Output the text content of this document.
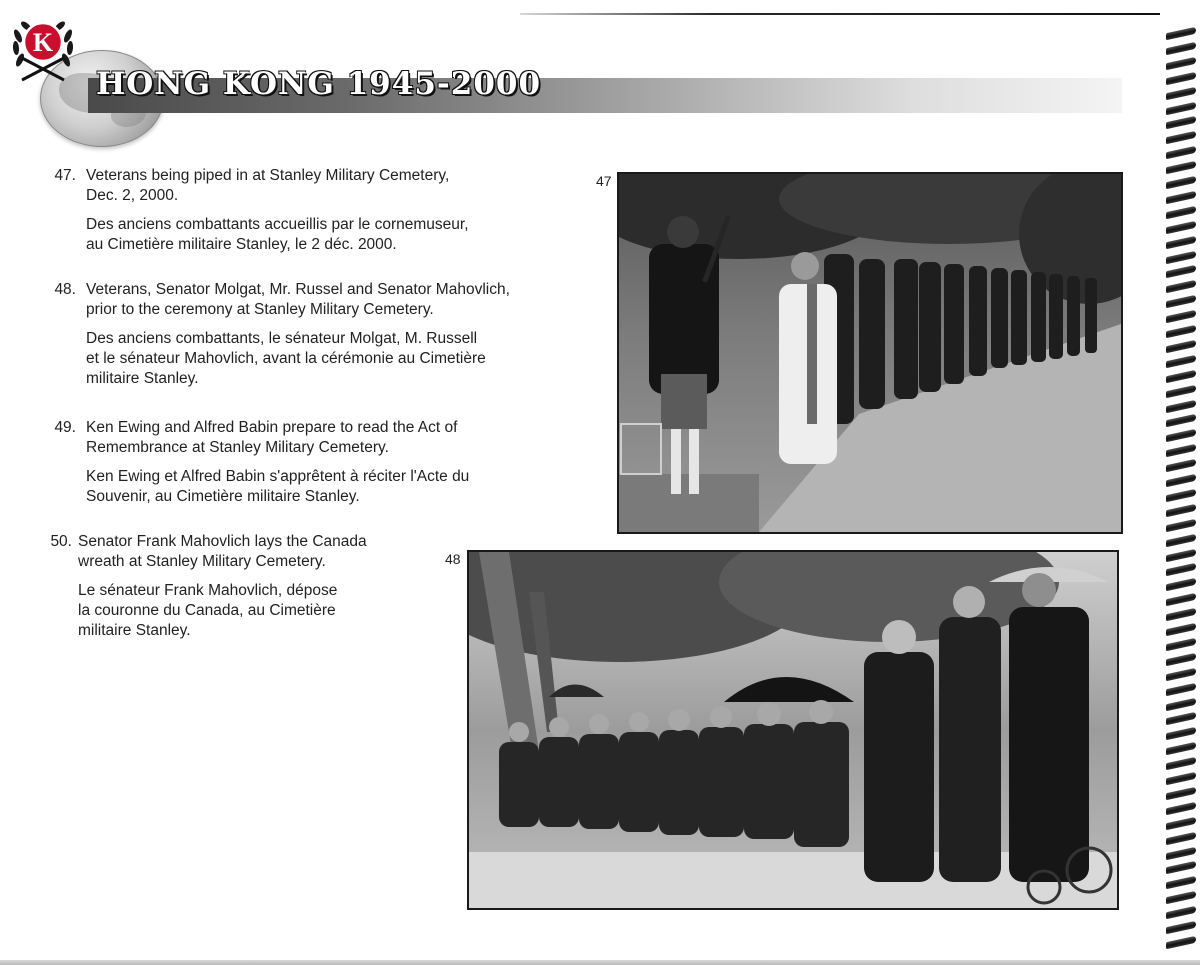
HONG KONG 1945-2000
K
47. Veterans being piped in at Stanley Military Cemetery,
Dec. 2, 2000.

Des anciens combattants accueillis par le cornemuseur,
au Cimetière militaire Stanley, le 2 déc. 2000.

48. Veterans, Senator Molgat, Mr. Russel and Senator Mahovlich,
prior to the ceremony at Stanley Military Cemetery.

Des anciens combattants, le sénateur Molgat, M. Russell
et le sénateur Mahovlich, avant la cérémonie au Cimetière
militaire Stanley.

49. Ken Ewing and Alfred Babin prepare to read the Act of
Remembrance at Stanley Military Cemetery.

Ken Ewing et Alfred Babin s'apprêtent à réciter l'Acte du
Souvenir, au Cimetière militaire Stanley.

50. Senator Frank Mahovlich lays the Canada
wreath at Stanley Military Cemetery.

Le sénateur Frank Mahovlich, dépose
la couronne du Canada, au Cimetière
militaire Stanley.

47
48
